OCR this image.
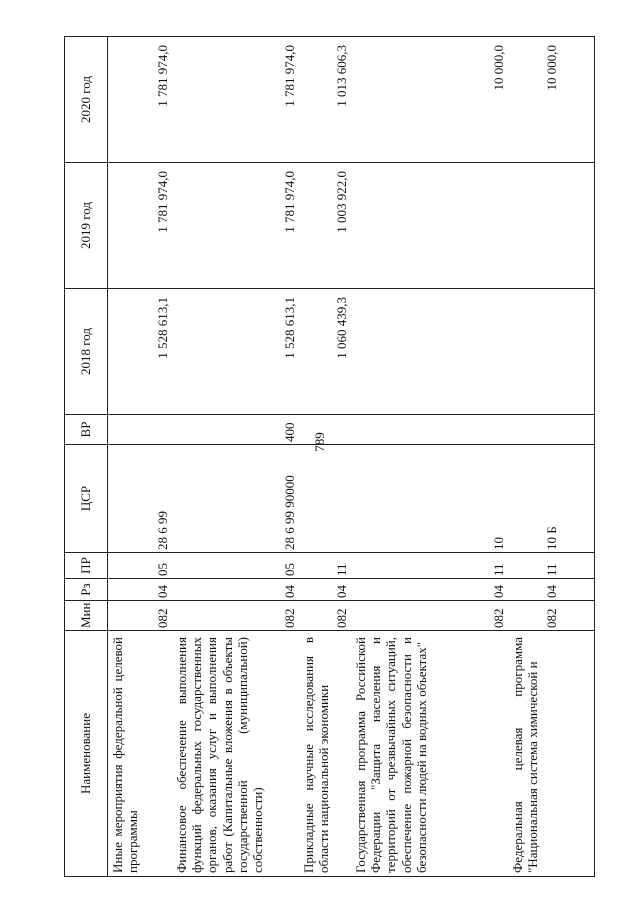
789
Наименование	Мин	Рз	ПР	ЦСР	ВР	2018 год	2019 год	2020 год
Иные мероприятия федеральной целевой программы	082	04	05	28 6 99		1 528 613,1	1 781 974,0	1 781 974,0
Финансовое обеспечение выполнения функций федеральных государственных органов, оказания услуг и выполнения работ (Капитальные вложения в объекты государственной (муниципальной) собственности)	082	04	05	28 6 99 90000	400	1 528 613,1	1 781 974,0	1 781 974,0
Прикладные научные исследования в области национальной экономики	082	04	11			1 060 439,3	1 003 922,0	1 013 606,3
Государственная программа Российской Федерации "Защита населения и территорий от чрезвычайных ситуаций, обеспечение пожарной безопасности и безопасности людей на водных объектах"	082	04	11	10				10 000,0
Федеральная целевая программа "Национальная система химической и	082	04	11	10 Б				10 000,0
